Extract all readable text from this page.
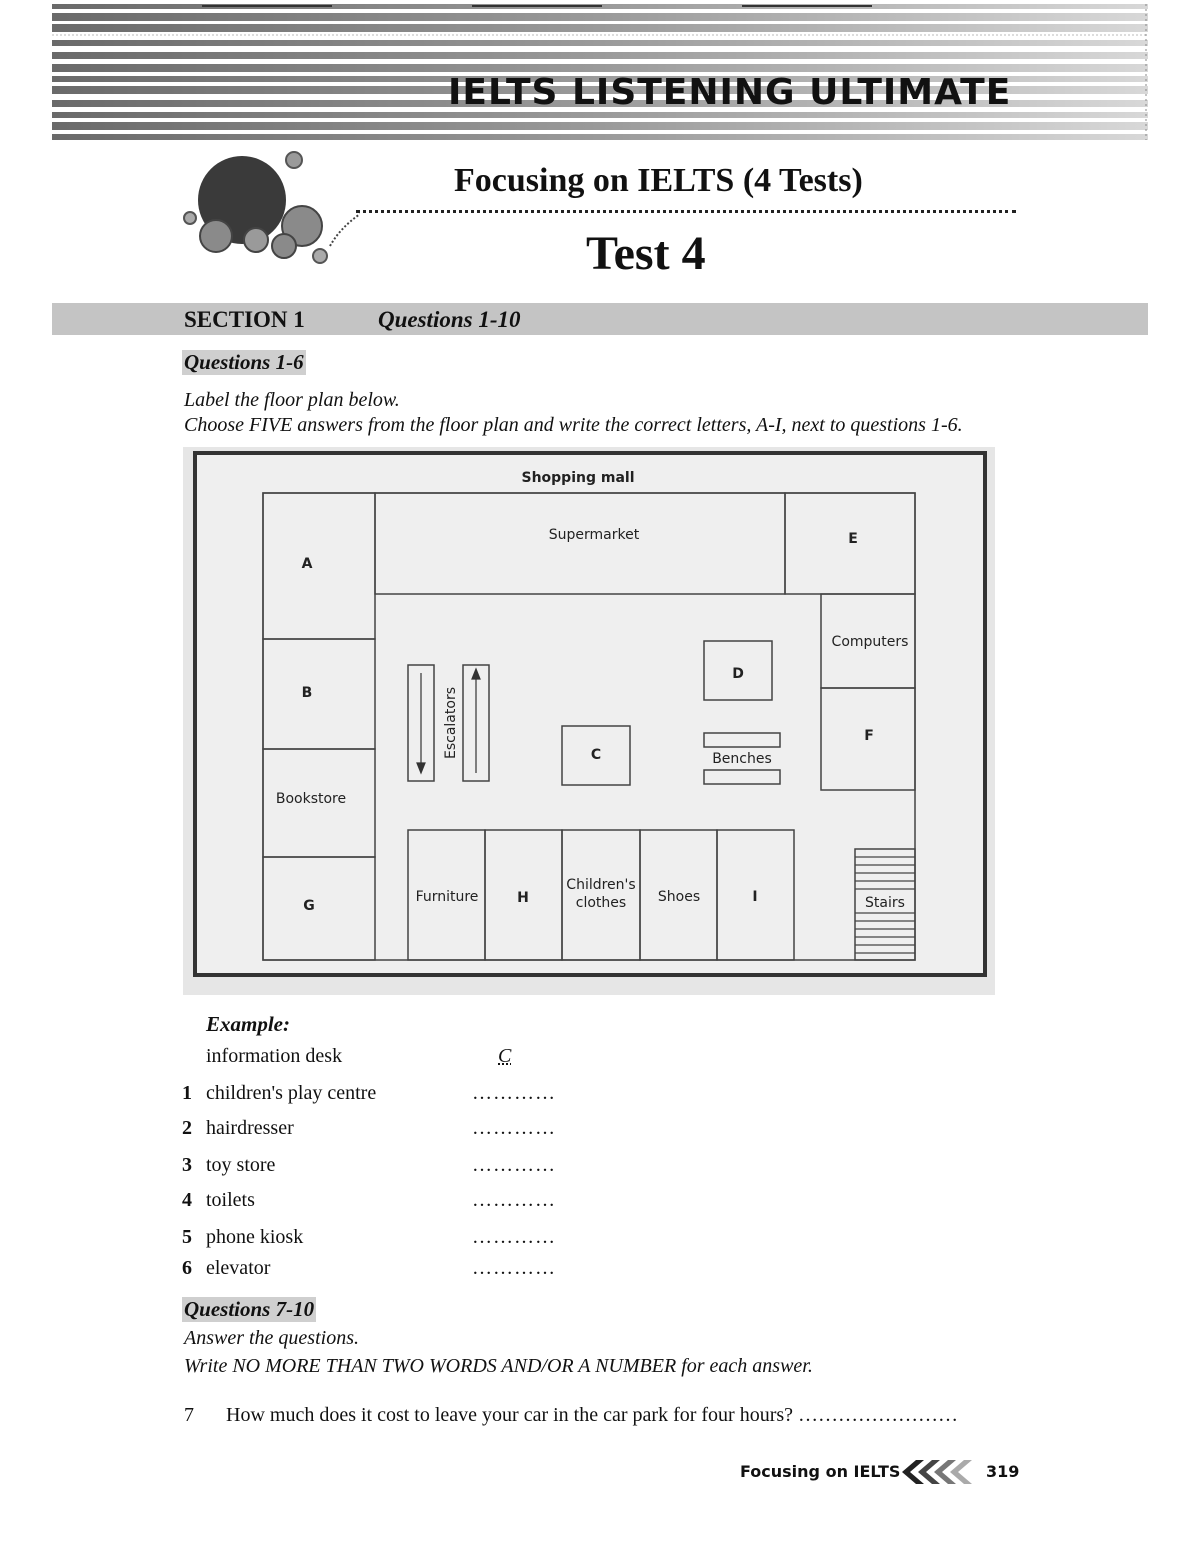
IELTS LISTENING ULTIMATE
Focusing on IELTS (4 Tests)
Test 4
SECTION 1	Questions 1-10
Questions 1-6
Label the floor plan below.
Choose FIVE answers from the floor plan and write the correct letters, A-I, next to questions 1-6.
Shopping mall
Supermarket
A
E
Computers
B
D
F
C	Benches
Bookstore
Escalators
G
Furniture	H
Children's
clothes Shoes	I	Stairs
Example:
information desk	C
1 children's play centre	…………
2 hairdresser	…………
3 toy store	…………
4 toilets	…………
5 phone kiosk	…………
6 elevator	…………
Questions 7-10
Answer the questions.
Write NO MORE THAN TWO WORDS AND/OR A NUMBER for each answer.
7 How much does it cost to leave your car in the car park for four hours? ……………………
Focusing on IELTS	319
